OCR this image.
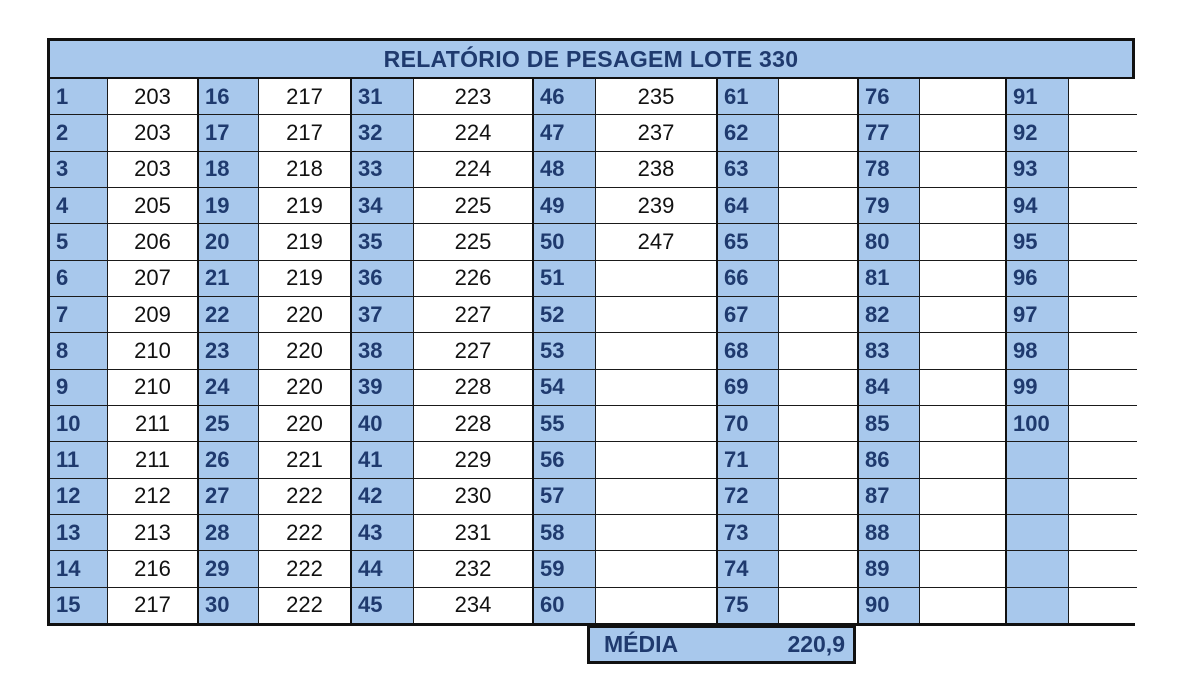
RELATÓRIO DE PESAGEM LOTE 330
1
2
3
4
5
6
7
8
9
10
11
12
13
14
15
203
203
203
205
206
207
209
210
210
211
211
212
213
216
217
16
17
18
19
20
21
22
23
24
25
26
27
28
29
30
217
217
218
219
219
219
220
220
220
220
221
222
222
222
222
31
32
33
34
35
36
37
38
39
40
41
42
43
44
45
223
224
224
225
225
226
227
227
228
228
229
230
231
232
234
46
47
48
49
50
51
52
53
54
55
56
57
58
59
60
235
237
238
239
247
61
62
63
64
65
66
67
68
69
70
71
72
73
74
75
76
77
78
79
80
81
82
83
84
85
86
87
88
89
90
91
92
93
94
95
96
97
98
99
100
MÉDIA	220,9
